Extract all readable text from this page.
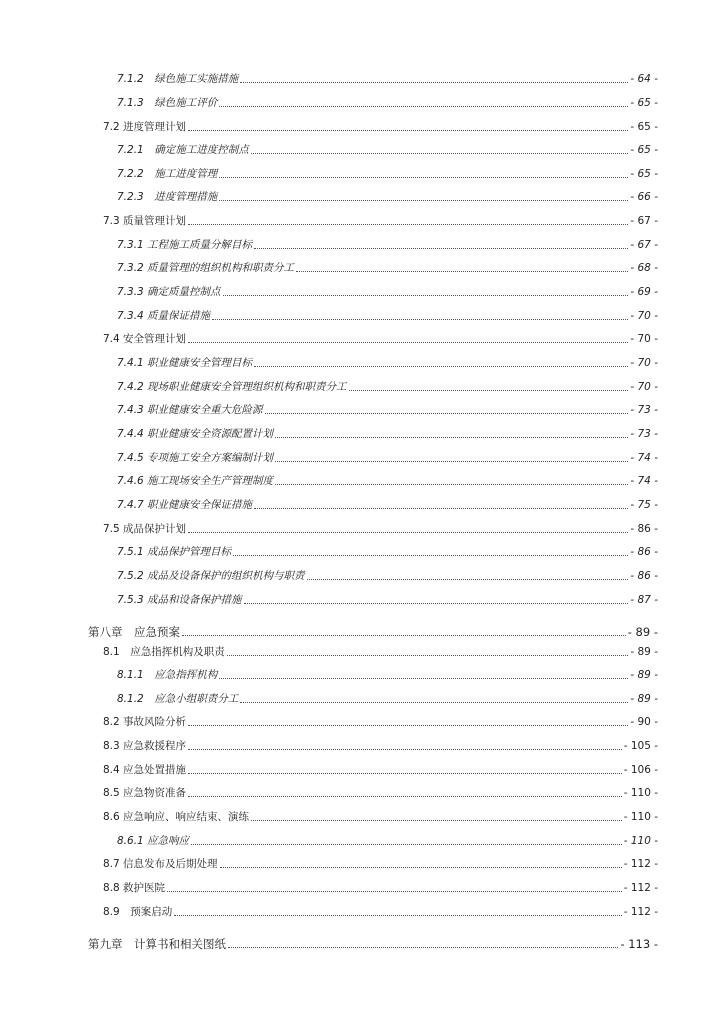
7.1.2　绿色施工实施措施	- 64 -
7.1.3　绿色施工评价	- 65 -
7.2 进度管理计划	- 65 -
7.2.1　确定施工进度控制点	- 65 -
7.2.2　施工进度管理	- 65 -
7.2.3　进度管理措施	- 66 -
7.3 质量管理计划	- 67 -
7.3.1 工程施工质量分解目标	- 67 -
7.3.2 质量管理的组织机构和职责分工	- 68 -
7.3.3 确定质量控制点	- 69 -
7.3.4 质量保证措施	- 70 -
7.4 安全管理计划	- 70 -
7.4.1 职业健康安全管理目标	- 70 -
7.4.2 现场职业健康安全管理组织机构和职责分工	- 70 -
7.4.3 职业健康安全重大危险源	- 73 -
7.4.4 职业健康安全资源配置计划	- 73 -
7.4.5 专项施工安全方案编制计划	- 74 -
7.4.6 施工现场安全生产管理制度	- 74 -
7.4.7 职业健康安全保证措施	- 75 -
7.5 成品保护计划	- 86 -
7.5.1 成品保护管理目标	- 86 -
7.5.2 成品及设备保护的组织机构与职责	- 86 -
7.5.3 成品和设备保护措施	- 87 -
第八章　应急预案	- 89 -
8.1　应急指挥机构及职责	- 89 -
8.1.1　应急指挥机构	- 89 -
8.1.2　应急小组职责分工	- 89 -
8.2 事故风险分析	- 90 -
8.3 应急救援程序	- 105 -
8.4 应急处置措施	- 106 -
8.5 应急物资准备	- 110 -
8.6 应急响应、响应结束、演练	- 110 -
8.6.1 应急响应	- 110 -
8.7 信息发布及后期处理	- 112 -
8.8 救护医院	- 112 -
8.9　预案启动	- 112 -
第九章　计算书和相关图纸	- 113 -
